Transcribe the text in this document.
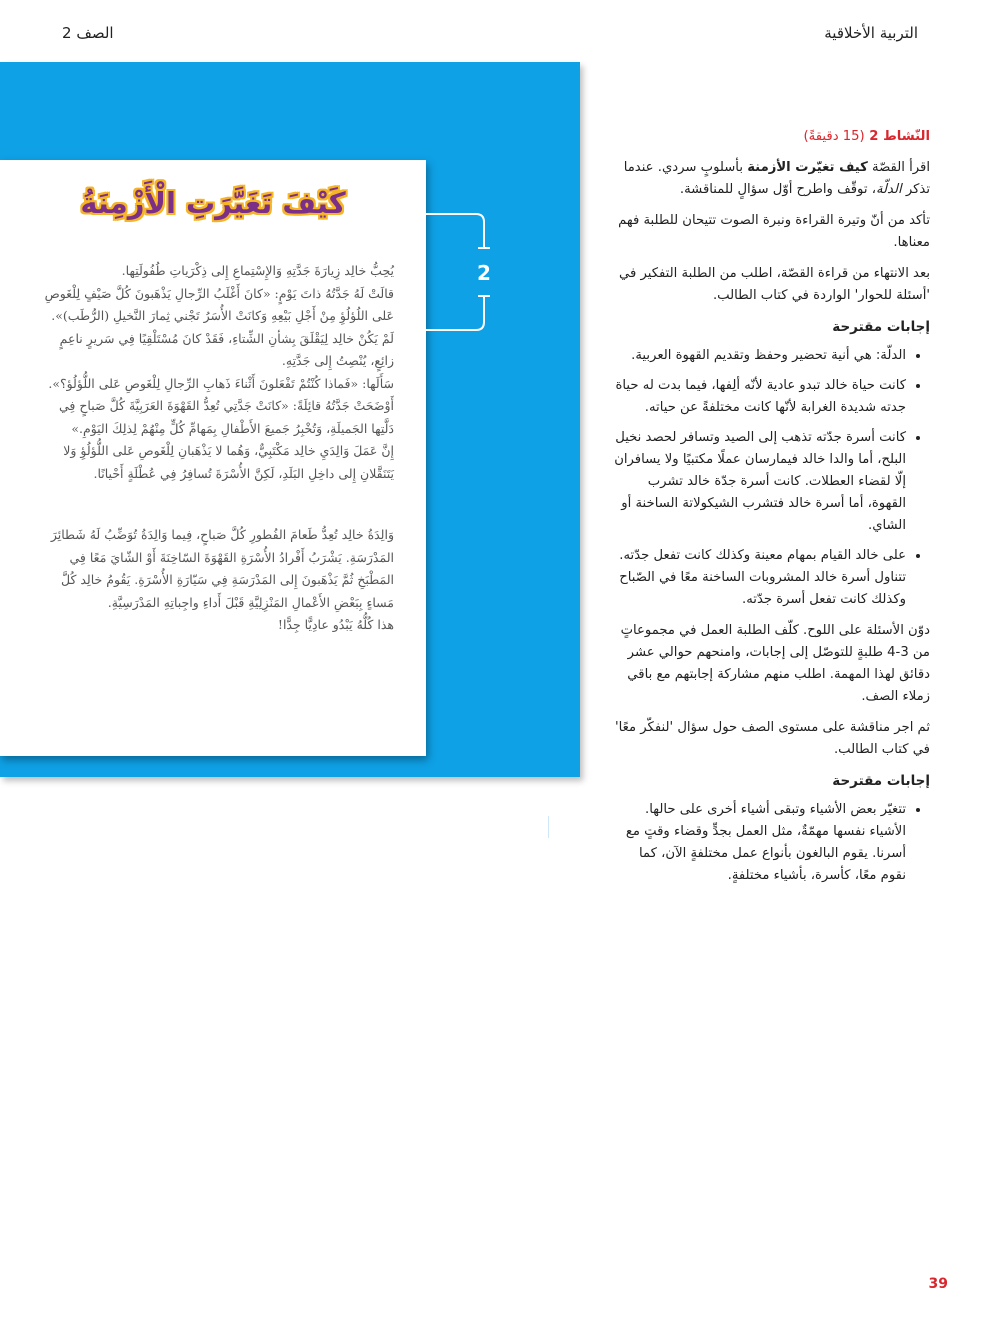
التربية الأخلاقية
الصف 2
كَيْفَ تَغَيَّرَتِ الْأَزْمِنَةُ

يُحِبُّ خالِد زِيارَةَ جَدَّتِهِ وَالإِسْتِماعِ إِلى ذِكْرَياتِ طُفُولَتِها.

قالَتْ لَهُ جَدَّتُهُ ذاتَ يَوْمٍ: «كانَ أَغْلَبُ الرِّجالِ يَذْهَبونَ كُلَّ صَيْفٍ لِلْغَوصِ عَلى اللُؤلُؤِ مِنْ أَجْلِ بَيْعِهِ وَكانَتْ الأُسَرُ تَجْني ثِمارَ النَّخيلِ (الرُّطَب)».

لَمْ يَكُنْ خالِد لِيَقْلَقَ بِشأنِ الشِّتاءِ، فَقَدْ كانَ مُسْتَلْقِيًا فِي سَريرٍ ناعِمٍ زائِعٍ، يُنْصِتُ إِلى جَدَّتِهِ.

سَأَلَها: «فَماذا كُنْتُمْ تَفْعَلونَ أَثْناءَ ذَهابِ الرِّجالِ لِلْغَوصِ عَلى اللُّؤلُؤ؟».

أَوْضَحَتْ جَدَّتُهُ قائِلَةً: «كانَتْ جَدَّتِي تُعِدُّ القَهْوَةَ العَرَبِيَّةَ كُلَّ صَباحٍ فِي دَلَّتِها الجَميلَةِ، وَتُخْبِرُ جَميعَ الأَطْفالِ بِمَهامِّ كُلٍّ مِنْهُمْ لِذلِكَ اليَوْمِ.»

إِنَّ عَمَلَ وَالِدَيِ خالِد مَكْتَبِيٌّ، وَهُما لا يَذْهَبانِ لِلْغَوصِ عَلى اللُّؤلُؤِ وَلا يَتَنَقَّلانِ إِلى داخِلِ البَلَدِ، لَكِنَّ الأُسْرَةَ تُسافِرُ فِي عُطْلَةٍ أَحْيانًا.

وَالِدَةُ خالِد تُعِدُّ طَعامَ الفُطورِ كُلَّ صَباحٍ، فِيما وَالِدَةُ تُوَضِّبُ لَهُ شَطائِرَ المَدْرَسَةِ. يَشْرَبُ أَفْرادُ الأُسْرَةِ القَهْوَةَ السّاخِنَةَ أَوْ الشّايَ مَعًا فِي المَطْبَخِ ثُمَّ يَذْهَبونَ إِلى المَدْرَسَةِ فِي سَيّارَةِ الأُسْرَةِ. يَقُومُ خالِد كُلَّ مَساءٍ بِبَعْضِ الأَعْمالِ المَنْزِلِيَّةِ قَبْلَ أَداءِ واجِباتِهِ المَدْرَسِيَّةِ.

هذا كُلُّهُ يَبْدُو عادِيًّا جِدًّا!

2
39

النّشاط 2 (15 دقيقةً)

اقرأ القصّة كيف تغيّرت الأزمنة بأسلوبٍ سردي. عندما تذكر الدلّة، توقّف واطرح أوّل سؤالٍ للمناقشة.

تأكد من أنّ وتيرة القراءة ونبرة الصوت تتيحان للطلبة فهم معناها.

بعد الانتهاء من قراءة القصّة، اطلب من الطلبة التفكير في 'أسئلة للحوار' الواردة في كتاب الطالب.

إجابات مقترحة
• الدلّة: هي أنية تحضير وحفظ وتقديم القهوة العربية.
• كانت حياة خالد تبدو عادية لأنّه ألِفها، فيما بدت له حياة جدته شديدة الغرابة لأنّها كانت مختلفةً عن حياته.
• كانت أسرة جدّته تذهب إلى الصيد وتسافر لحصد نخيل البلح، أما والدا خالد فيمارسان عملًا مكتبيًا ولا يسافران إلّا لقضاء العطلات. كانت أسرة جدّة خالد تشرب القهوة، أما أسرة خالد فتشرب الشيكولاتة الساخنة أو الشاي.
• على خالد القيام بمهام معينة وكذلك كانت تفعل جدّته. تتناول أسرة خالد المشروبات الساخنة معًا في الصّباح وكذلك كانت تفعل أسرة جدّته.

دوّن الأسئلة على اللوح. كلّف الطلبة العمل في مجموعاتٍ من 3-4 طلبةٍ للتوصّل إلى إجابات، وامنحهم حوالي عشر دقائق لهذا المهمة. اطلب منهم مشاركة إجابتهم مع باقي زملاء الصف.

ثم اجر مناقشة على مستوى الصف حول سؤال 'لنفكّر معًا' في كتاب الطالب.

إجابات مقترحة
• تتغيّر بعض الأشياء وتبقى أشياء أخرى على حالها. الأشياء نفسها مهمّةٌ، مثل العمل بجدٍّ وقضاء وقتٍ مع أسرنا. يقوم البالغون بأنواع عمل مختلفةٍ الآن، كما نقوم معًا، كأسرة، بأشياء مختلفةٍ.
39
